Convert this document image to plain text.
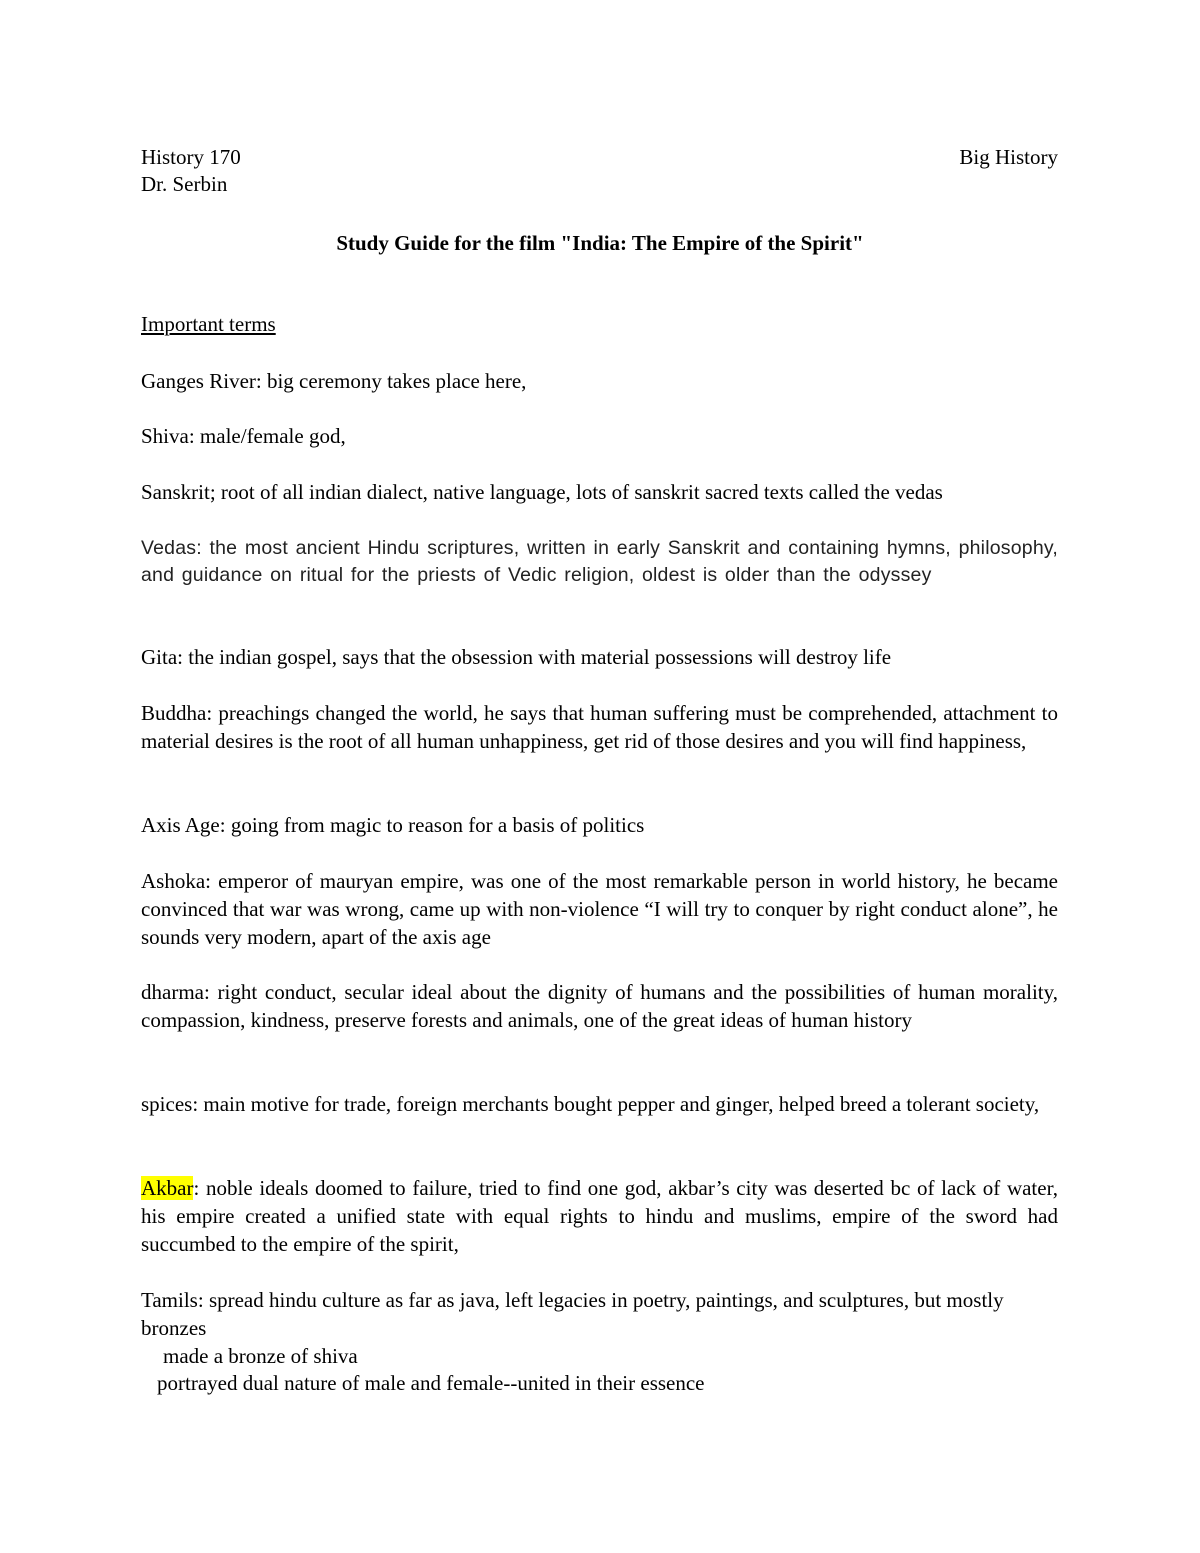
History 170	Big History

Dr. Serbin

Study Guide for the film "India: The Empire of the Spirit"

Important terms

Ganges River: big ceremony takes place here,

Shiva: male/female god,

Sanskrit; root of all indian dialect, native language, lots of sanskrit sacred texts called the vedas

Vedas: the most ancient Hindu scriptures, written in early Sanskrit and containing hymns, philosophy, and guidance on ritual for the priests of Vedic religion, oldest is older than the odyssey

Gita: the indian gospel, says that the obsession with material possessions will destroy life

Buddha: preachings changed the world, he says that human suffering must be comprehended, attachment to material desires is the root of all human unhappiness, get rid of those desires and you will find happiness,

Axis Age: going from magic to reason for a basis of politics

Ashoka: emperor of mauryan empire, was one of the most remarkable person in world history, he became convinced that war was wrong, came up with non-violence “I will try to conquer by right conduct alone”, he sounds very modern, apart of the axis age

dharma: right conduct, secular ideal about the dignity of humans and the possibilities of human morality, compassion, kindness, preserve forests and animals, one of the great ideas of human history

spices: main motive for trade, foreign merchants bought pepper and ginger, helped breed a tolerant society,

Akbar: noble ideals doomed to failure, tried to find one god, akbar’s city was deserted bc of lack of water, his empire created a unified state with equal rights to hindu and muslims, empire of the sword had succumbed to the empire of the spirit,

Tamils: spread hindu culture as far as java, left legacies in poetry, paintings, and sculptures, but mostly bronzes

made a bronze of shiva

portrayed dual nature of male and female--united in their essence
